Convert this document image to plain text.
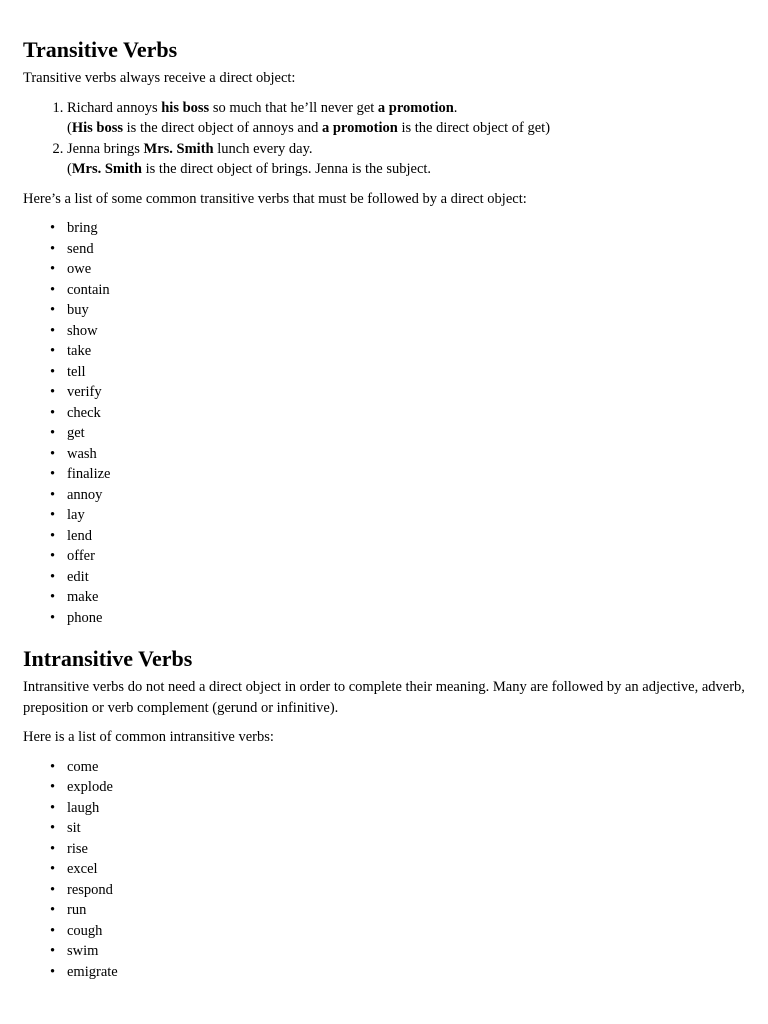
Transitive Verbs

Transitive verbs always receive a direct object:

1. Richard annoys his boss so much that he’ll never get a promotion.
(His boss is the direct object of annoys and a promotion is the direct object of get)
2. Jenna brings Mrs. Smith lunch every day.
(Mrs. Smith is the direct object of brings. Jenna is the subject.

Here’s a list of some common transitive verbs that must be followed by a direct object:

• bring
• send
• owe
• contain
• buy
• show
• take
• tell
• verify
• check
• get
• wash
• finalize
• annoy
• lay
• lend
• offer
• edit
• make
• phone
Intransitive Verbs

Intransitive verbs do not need a direct object in order to complete their meaning. Many are followed by an adjective, adverb, preposition or verb complement (gerund or infinitive).

Here is a list of common intransitive verbs:

• come
• explode
• laugh
• sit
• rise
• excel
• respond
• run
• cough
• swim
• emigrate
